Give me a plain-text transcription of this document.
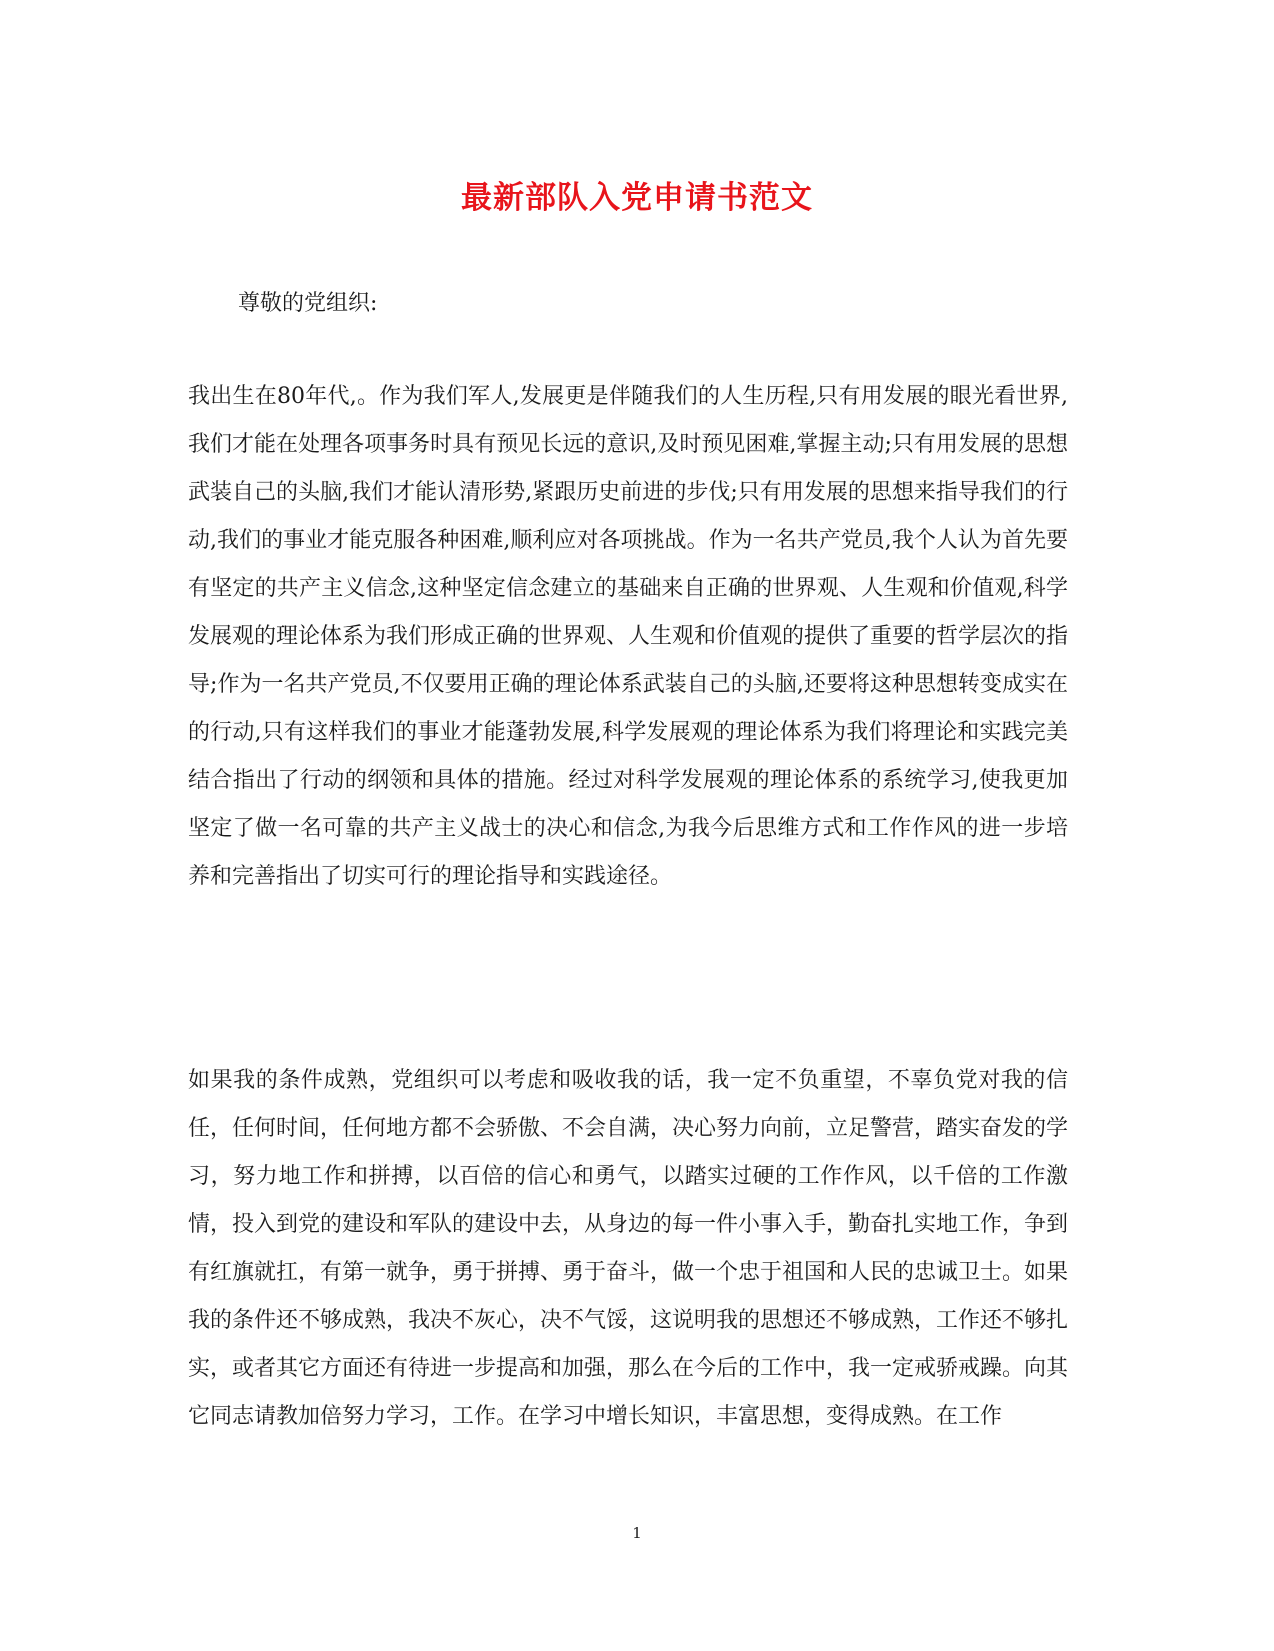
最新部队入党申请书范文

尊敬的党组织:

我出生在80年代,。作为我们军人,发展更是伴随我们的人生历程,只有用发展的眼光看世界,我们才能在处理各项事务时具有预见长远的意识,及时预见困难,掌握主动;只有用发展的思想武装自己的头脑,我们才能认清形势,紧跟历史前进的步伐;只有用发展的思想来指导我们的行动,我们的事业才能克服各种困难,顺利应对各项挑战。作为一名共产党员,我个人认为首先要有坚定的共产主义信念,这种坚定信念建立的基础来自正确的世界观、人生观和价值观,科学发展观的理论体系为我们形成正确的世界观、人生观和价值观的提供了重要的哲学层次的指导;作为一名共产党员,不仅要用正确的理论体系武装自己的头脑,还要将这种思想转变成实在的行动,只有这样我们的事业才能蓬勃发展,科学发展观的理论体系为我们将理论和实践完美结合指出了行动的纲领和具体的措施。经过对科学发展观的理论体系的系统学习,使我更加坚定了做一名可靠的共产主义战士的决心和信念,为我今后思维方式和工作作风的进一步培养和完善指出了切实可行的理论指导和实践途径。

如果我的条件成熟，党组织可以考虑和吸收我的话，我一定不负重望，不辜负党对我的信任，任何时间，任何地方都不会骄傲、不会自满，决心努力向前，立足警营，踏实奋发的学习，努力地工作和拼搏，以百倍的信心和勇气，以踏实过硬的工作作风，以千倍的工作激情，投入到党的建设和军队的建设中去，从身边的每一件小事入手，勤奋扎实地工作，争到有红旗就扛，有第一就争，勇于拼搏、勇于奋斗，做一个忠于祖国和人民的忠诚卫士。如果我的条件还不够成熟，我决不灰心，决不气馁，这说明我的思想还不够成熟，工作还不够扎实，或者其它方面还有待进一步提高和加强，那么在今后的工作中，我一定戒骄戒躁。向其它同志请教加倍努力学习，工作。在学习中增长知识，丰富思想，变得成熟。在工作

1
